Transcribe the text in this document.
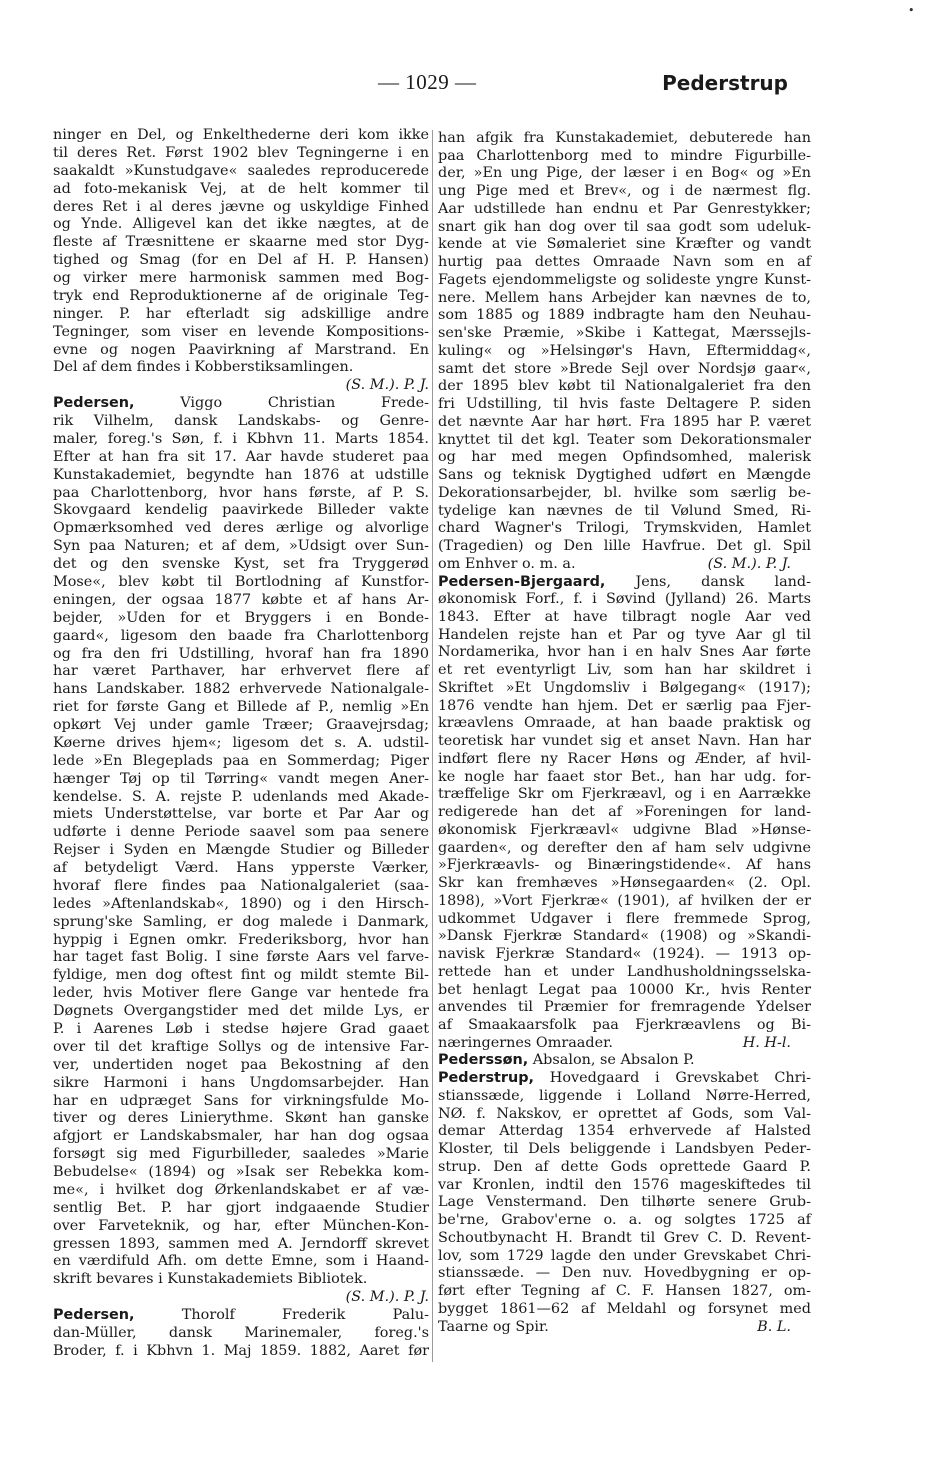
•
— 1029 —	Pederstrup
ninger en Del, og Enkelthederne deri kom ikke
til deres Ret. Først 1902 blev Tegningerne i en
saakaldt »Kunstudgave« saaledes reproducerede
ad foto-mekanisk Vej, at de helt kommer til
deres Ret i al deres jævne og uskyldige Finhed
og Ynde. Alligevel kan det ikke nægtes, at de
fleste af Træsnittene er skaarne med stor Dyg-
tighed og Smag (for en Del af H. P. Hansen)
og virker mere harmonisk sammen med Bog-
tryk end Reproduktionerne af de originale Teg-
ninger. P. har efterladt sig adskillige andre
Tegninger, som viser en levende Kompositions-
evne og nogen Paavirkning af Marstrand. En
Del af dem findes i Kobberstiksamlingen.
(S. M.). P. J.
Pedersen, Viggo Christian Frede-
rik Vilhelm, dansk Landskabs- og Genre-
maler, foreg.'s Søn, f. i Kbhvn 11. Marts 1854.
Efter at han fra sit 17. Aar havde studeret paa
Kunstakademiet, begyndte han 1876 at udstille
paa Charlottenborg, hvor hans første, af P. S.
Skovgaard kendelig paavirkede Billeder vakte
Opmærksomhed ved deres ærlige og alvorlige
Syn paa Naturen; et af dem, »Udsigt over Sun-
det og den svenske Kyst, set fra Tryggerød
Mose«, blev købt til Bortlodning af Kunstfor-
eningen, der ogsaa 1877 købte et af hans Ar-
bejder, »Uden for et Bryggers i en Bonde-
gaard«, ligesom den baade fra Charlottenborg
og fra den fri Udstilling, hvoraf han fra 1890
har været Parthaver, har erhvervet flere af
hans Landskaber. 1882 erhvervede Nationalgale-
riet for første Gang et Billede af P., nemlig »En
opkørt Vej under gamle Træer; Graavejrsdag;
Køerne drives hjem«; ligesom det s. A. udstil-
lede »En Blegeplads paa en Sommerdag; Piger
hænger Tøj op til Tørring« vandt megen Aner-
kendelse. S. A. rejste P. udenlands med Akade-
miets Understøttelse, var borte et Par Aar og
udførte i denne Periode saavel som paa senere
Rejser i Syden en Mængde Studier og Billeder
af betydeligt Værd. Hans ypperste Værker,
hvoraf flere findes paa Nationalgaleriet (saa-
ledes »Aftenlandskab«, 1890) og i den Hirsch-
sprung'ske Samling, er dog malede i Danmark,
hyppig i Egnen omkr. Frederiksborg, hvor han
har taget fast Bolig. I sine første Aars vel farve-
fyldige, men dog oftest fint og mildt stemte Bil-
leder, hvis Motiver flere Gange var hentede fra
Døgnets Overgangstider med det milde Lys, er
P. i Aarenes Løb i stedse højere Grad gaaet
over til det kraftige Sollys og de intensive Far-
ver, undertiden noget paa Bekostning af den
sikre Harmoni i hans Ungdomsarbejder. Han
har en udpræget Sans for virkningsfulde Mo-
tiver og deres Linierythme. Skønt han ganske
afgjort er Landskabsmaler, har han dog ogsaa
forsøgt sig med Figurbilleder, saaledes »Marie
Bebudelse« (1894) og »Isak ser Rebekka kom-
me«, i hvilket dog Ørkenlandskabet er af væ-
sentlig Bet. P. har gjort indgaaende Studier
over Farveteknik, og har, efter München-Kon-
gressen 1893, sammen med A. Jerndorff skrevet
en værdifuld Afh. om dette Emne, som i Haand-
skrift bevares i Kunstakademiets Bibliotek.
(S. M.). P. J.
Pedersen, Thorolf Frederik Palu-
dan-Müller, dansk Marinemaler, foreg.'s
Broder, f. i Kbhvn 1. Maj 1859. 1882, Aaret før
han afgik fra Kunstakademiet, debuterede han
paa Charlottenborg med to mindre Figurbille-
der, »En ung Pige, der læser i en Bog« og »En
ung Pige med et Brev«, og i de nærmest flg.
Aar udstillede han endnu et Par Genrestykker;
snart gik han dog over til saa godt som udeluk-
kende at vie Sømaleriet sine Kræfter og vandt
hurtig paa dettes Omraade Navn som en af
Fagets ejendommeligste og solideste yngre Kunst-
nere. Mellem hans Arbejder kan nævnes de to,
som 1885 og 1889 indbragte ham den Neuhau-
sen'ske Præmie, »Skibe i Kattegat, Mærssejls-
kuling« og »Helsingør's Havn, Eftermiddag«,
samt det store »Brede Sejl over Nordsjø gaar«,
der 1895 blev købt til Nationalgaleriet fra den
fri Udstilling, til hvis faste Deltagere P. siden
det nævnte Aar har hørt. Fra 1895 har P. været
knyttet til det kgl. Teater som Dekorationsmaler
og har med megen Opfindsomhed, malerisk
Sans og teknisk Dygtighed udført en Mængde
Dekorationsarbejder, bl. hvilke som særlig be-
tydelige kan nævnes de til Vølund Smed, Ri-
chard Wagner's Trilogi, Trymskviden, Hamlet
(Tragedien) og Den lille Havfrue. Det gl. Spil
om Enhver o. m. a.	(S. M.). P. J.
Pedersen-Bjergaard, Jens, dansk land-
økonomisk Forf., f. i Søvind (Jylland) 26. Marts
1843. Efter at have tilbragt nogle Aar ved
Handelen rejste han et Par og tyve Aar gl til
Nordamerika, hvor han i en halv Snes Aar førte
et ret eventyrligt Liv, som han har skildret i
Skriftet »Et Ungdomsliv i Bølgegang« (1917);
1876 vendte han hjem. Det er særlig paa Fjer-
kræavlens Omraade, at han baade praktisk og
teoretisk har vundet sig et anset Navn. Han har
indført flere ny Racer Høns og Ænder, af hvil-
ke nogle har faaet stor Bet., han har udg. for-
træffelige Skr om Fjerkræavl, og i en Aarrække
redigerede han det af »Foreningen for land-
økonomisk Fjerkræavl« udgivne Blad »Hønse-
gaarden«, og derefter den af ham selv udgivne
»Fjerkræavls- og Binæringstidende«. Af hans
Skr kan fremhæves »Hønsegaarden« (2. Opl.
1898), »Vort Fjerkræ« (1901), af hvilken der er
udkommet Udgaver i flere fremmede Sprog,
»Dansk Fjerkræ Standard« (1908) og »Skandi-
navisk Fjerkræ Standard« (1924). — 1913 op-
rettede han et under Landhusholdningsselska-
bet henlagt Legat paa 10000 Kr., hvis Renter
anvendes til Præmier for fremragende Ydelser
af Smaakaarsfolk paa Fjerkræavlens og Bi-
næringernes Omraader.	H. H-l.
Pederssøn, Absalon, se Absalon P.
Pederstrup, Hovedgaard i Grevskabet Chri-
stianssæde, liggende i Lolland Nørre-Herred,
NØ. f. Nakskov, er oprettet af Gods, som Val-
demar Atterdag 1354 erhvervede af Halsted
Kloster, til Dels beliggende i Landsbyen Peder-
strup. Den af dette Gods oprettede Gaard P.
var Kronlen, indtil den 1576 mageskiftedes til
Lage Venstermand. Den tilhørte senere Grub-
be'rne, Grabov'erne o. a. og solgtes 1725 af
Schoutbynacht H. Brandt til Grev C. D. Revent-
lov, som 1729 lagde den under Grevskabet Chri-
stianssæde. — Den nuv. Hovedbygning er op-
ført efter Tegning af C. F. Hansen 1827, om-
bygget 1861—62 af Meldahl og forsynet med
Taarne og Spir.	B. L.
